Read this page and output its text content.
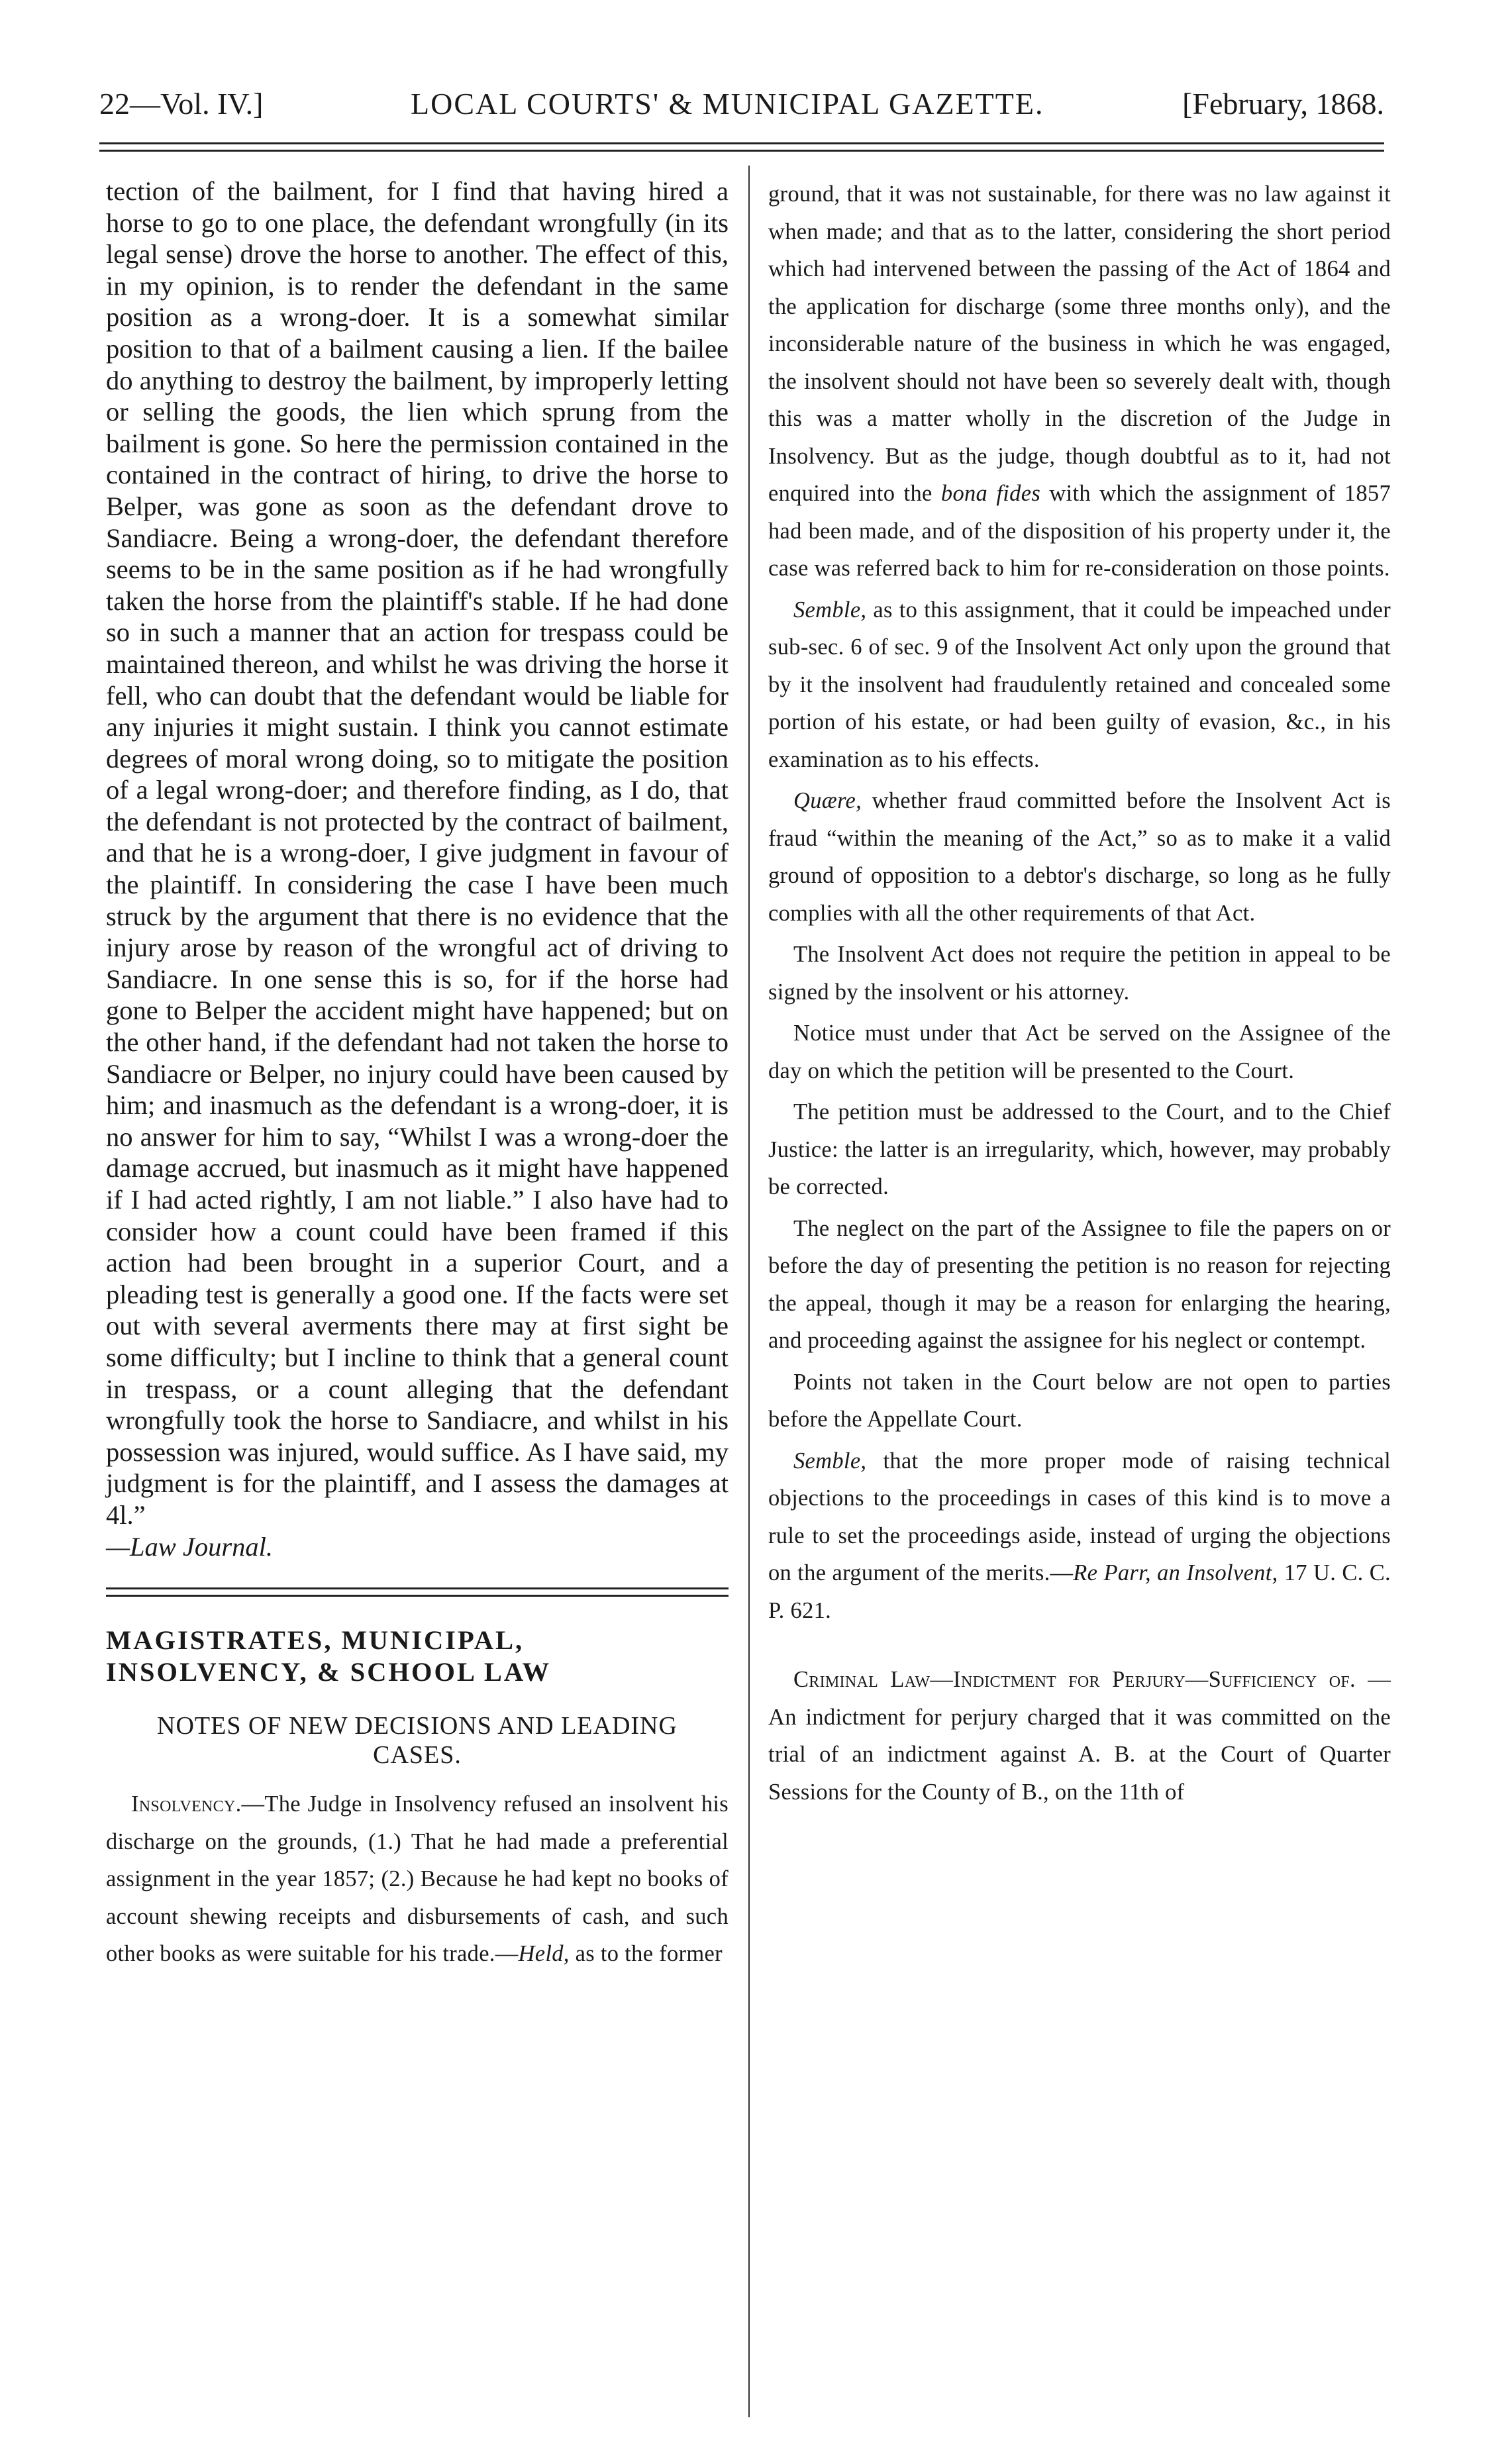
22—Vol. IV.]	LOCAL COURTS' & MUNICIPAL GAZETTE.	[February, 1868.

tection of the bailment, for I find that having hired a horse to go to one place, the defendant wrongfully (in its legal sense) drove the horse to another. The effect of this, in my opinion, is to render the defendant in the same position as a wrong-doer. It is a somewhat similar position to that of a bailment causing a lien. If the bailee do anything to destroy the bailment, by improperly letting or selling the goods, the lien which sprung from the bailment is gone. So here the permission contained in the contained in the contract of hiring, to drive the horse to Belper, was gone as soon as the defendant drove to Sandiacre. Being a wrong-doer, the defendant therefore seems to be in the same position as if he had wrongfully taken the horse from the plaintiff's stable. If he had done so in such a manner that an action for trespass could be maintained thereon, and whilst he was driving the horse it fell, who can doubt that the defendant would be liable for any injuries it might sustain. I think you cannot estimate degrees of moral wrong doing, so to mitigate the position of a legal wrong-doer; and therefore finding, as I do, that the defendant is not protected by the contract of bailment, and that he is a wrong-doer, I give judgment in favour of the plaintiff. In considering the case I have been much struck by the argument that there is no evidence that the injury arose by reason of the wrongful act of driving to Sandiacre. In one sense this is so, for if the horse had gone to Belper the accident might have happened; but on the other hand, if the defendant had not taken the horse to Sandiacre or Belper, no injury could have been caused by him; and inasmuch as the defendant is a wrong-doer, it is no answer for him to say, “Whilst I was a wrong-doer the damage accrued, but inasmuch as it might have happened if I had acted rightly, I am not liable.” I also have had to consider how a count could have been framed if this action had been brought in a superior Court, and a pleading test is generally a good one. If the facts were set out with several averments there may at first sight be some difficulty; but I incline to think that a general count in trespass, or a count alleging that the defendant wrongfully took the horse to Sandiacre, and whilst in his possession was injured, would suffice. As I have said, my judgment is for the plaintiff, and I assess the damages at 4l.”

—Law Journal.

MAGISTRATES, MUNICIPAL,

INSOLVENCY, & SCHOOL LAW

NOTES OF NEW DECISIONS AND LEADING
CASES.

Insolvency.—The Judge in Insolvency refused an insolvent his discharge on the grounds, (1.) That he had made a preferential assignment in the year 1857; (2.) Because he had kept no books of account shewing receipts and disbursements of cash, and such other books as were suitable for his trade.—Held, as to the former

ground, that it was not sustainable, for there was no law against it when made; and that as to the latter, considering the short period which had intervened between the passing of the Act of 1864 and the application for discharge (some three months only), and the inconsiderable nature of the business in which he was engaged, the insolvent should not have been so severely dealt with, though this was a matter wholly in the discretion of the Judge in Insolvency. But as the judge, though doubtful as to it, had not enquired into the bona fides with which the assignment of 1857 had been made, and of the disposition of his property under it, the case was referred back to him for re-consideration on those points.

Semble, as to this assignment, that it could be impeached under sub-sec. 6 of sec. 9 of the Insolvent Act only upon the ground that by it the insolvent had fraudulently retained and concealed some portion of his estate, or had been guilty of evasion, &c., in his examination as to his effects.

Quære, whether fraud committed before the Insolvent Act is fraud “within the meaning of the Act,” so as to make it a valid ground of opposition to a debtor's discharge, so long as he fully complies with all the other requirements of that Act.

The Insolvent Act does not require the petition in appeal to be signed by the insolvent or his attorney.

Notice must under that Act be served on the Assignee of the day on which the petition will be presented to the Court.

The petition must be addressed to the Court, and to the Chief Justice: the latter is an irregularity, which, however, may probably be corrected.

The neglect on the part of the Assignee to file the papers on or before the day of presenting the petition is no reason for rejecting the appeal, though it may be a reason for enlarging the hearing, and proceeding against the assignee for his neglect or contempt.

Points not taken in the Court below are not open to parties before the Appellate Court.

Semble, that the more proper mode of raising technical objections to the proceedings in cases of this kind is to move a rule to set the proceedings aside, instead of urging the objections on the argument of the merits.—Re Parr, an Insolvent, 17 U. C. C. P. 621.

Criminal Law—Indictment for Perjury—Sufficiency of. — An indictment for perjury charged that it was committed on the trial of an indictment against A. B. at the Court of Quarter Sessions for the County of B., on the 11th of
